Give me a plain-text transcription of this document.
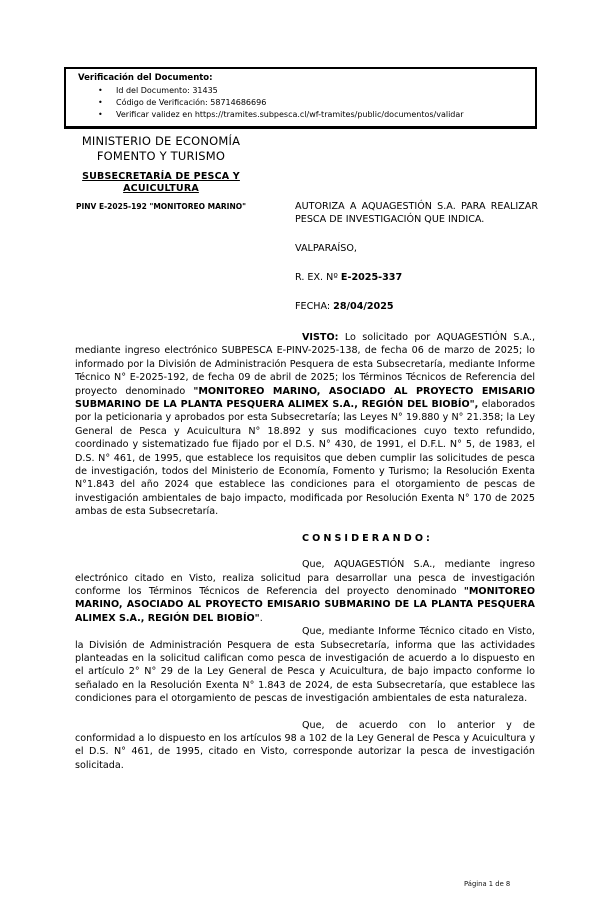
Verificación del Documento:
•	Id del Documento: 31435
•	Código de Verificación: 58714686696
•	Verificar validez en https://tramites.subpesca.cl/wf-tramites/public/documentos/validar
MINISTERIO DE ECONOMÍA
FOMENTO Y TURISMO
SUBSECRETARÍA DE PESCA Y
ACUICULTURA
PINV E-2025-192 "MONITOREO MARINO"	AUTORIZA A AQUAGESTIÓN S.A. PARA REALIZAR PESCA DE INVESTIGACIÓN QUE INDICA.

VALPARAÍSO,

R. EX. Nº E-2025-337

FECHA: 28/04/2025

VISTO: Lo solicitado por AQUAGESTIÓN S.A., mediante ingreso electrónico SUBPESCA E-PINV-2025-138, de fecha 06 de marzo de 2025; lo informado por la División de Administración Pesquera de esta Subsecretaría, mediante Informe Técnico N° E-2025-192, de fecha 09 de abril de 2025; los Términos Técnicos de Referencia del proyecto denominado "MONITOREO MARINO, ASOCIADO AL PROYECTO EMISARIO SUBMARINO DE LA PLANTA PESQUERA ALIMEX S.A., REGIÓN DEL BIOBÍO", elaborados por la peticionaria y aprobados por esta Subsecretaría; las Leyes N° 19.880 y N° 21.358; la Ley General de Pesca y Acuicultura N° 18.892 y sus modificaciones cuyo texto refundido, coordinado y sistematizado fue fijado por el D.S. N° 430, de 1991, el D.F.L. N° 5, de 1983, el D.S. N° 461, de 1995, que establece los requisitos que deben cumplir las solicitudes de pesca de investigación, todos del Ministerio de Economía, Fomento y Turismo; la Resolución Exenta N°1.843 del año 2024 que establece las condiciones para el otorgamiento de pescas de investigación ambientales de bajo impacto, modificada por Resolución Exenta N° 170 de 2025 ambas de esta Subsecretaría.

CONSIDERANDO:

Que, AQUAGESTIÓN S.A., mediante ingreso electrónico citado en Visto, realiza solicitud para desarrollar una pesca de investigación conforme los Términos Técnicos de Referencia del proyecto denominado "MONITOREO MARINO, ASOCIADO AL PROYECTO EMISARIO SUBMARINO DE LA PLANTA PESQUERA ALIMEX S.A., REGIÓN DEL BIOBÍO".

Que, mediante Informe Técnico citado en Visto, la División de Administración Pesquera de esta Subsecretaría, informa que las actividades planteadas en la solicitud califican como pesca de investigación de acuerdo a lo dispuesto en el artículo 2° N° 29 de la Ley General de Pesca y Acuicultura, de bajo impacto conforme lo señalado en la Resolución Exenta N° 1.843 de 2024, de esta Subsecretaría, que establece las condiciones para el otorgamiento de pescas de investigación ambientales de esta naturaleza.

Que, de acuerdo con lo anterior y de conformidad a lo dispuesto en los artículos 98 a 102 de la Ley General de Pesca y Acuicultura y el D.S. N° 461, de 1995, citado en Visto, corresponde autorizar la pesca de investigación solicitada.

Página 1 de 8
